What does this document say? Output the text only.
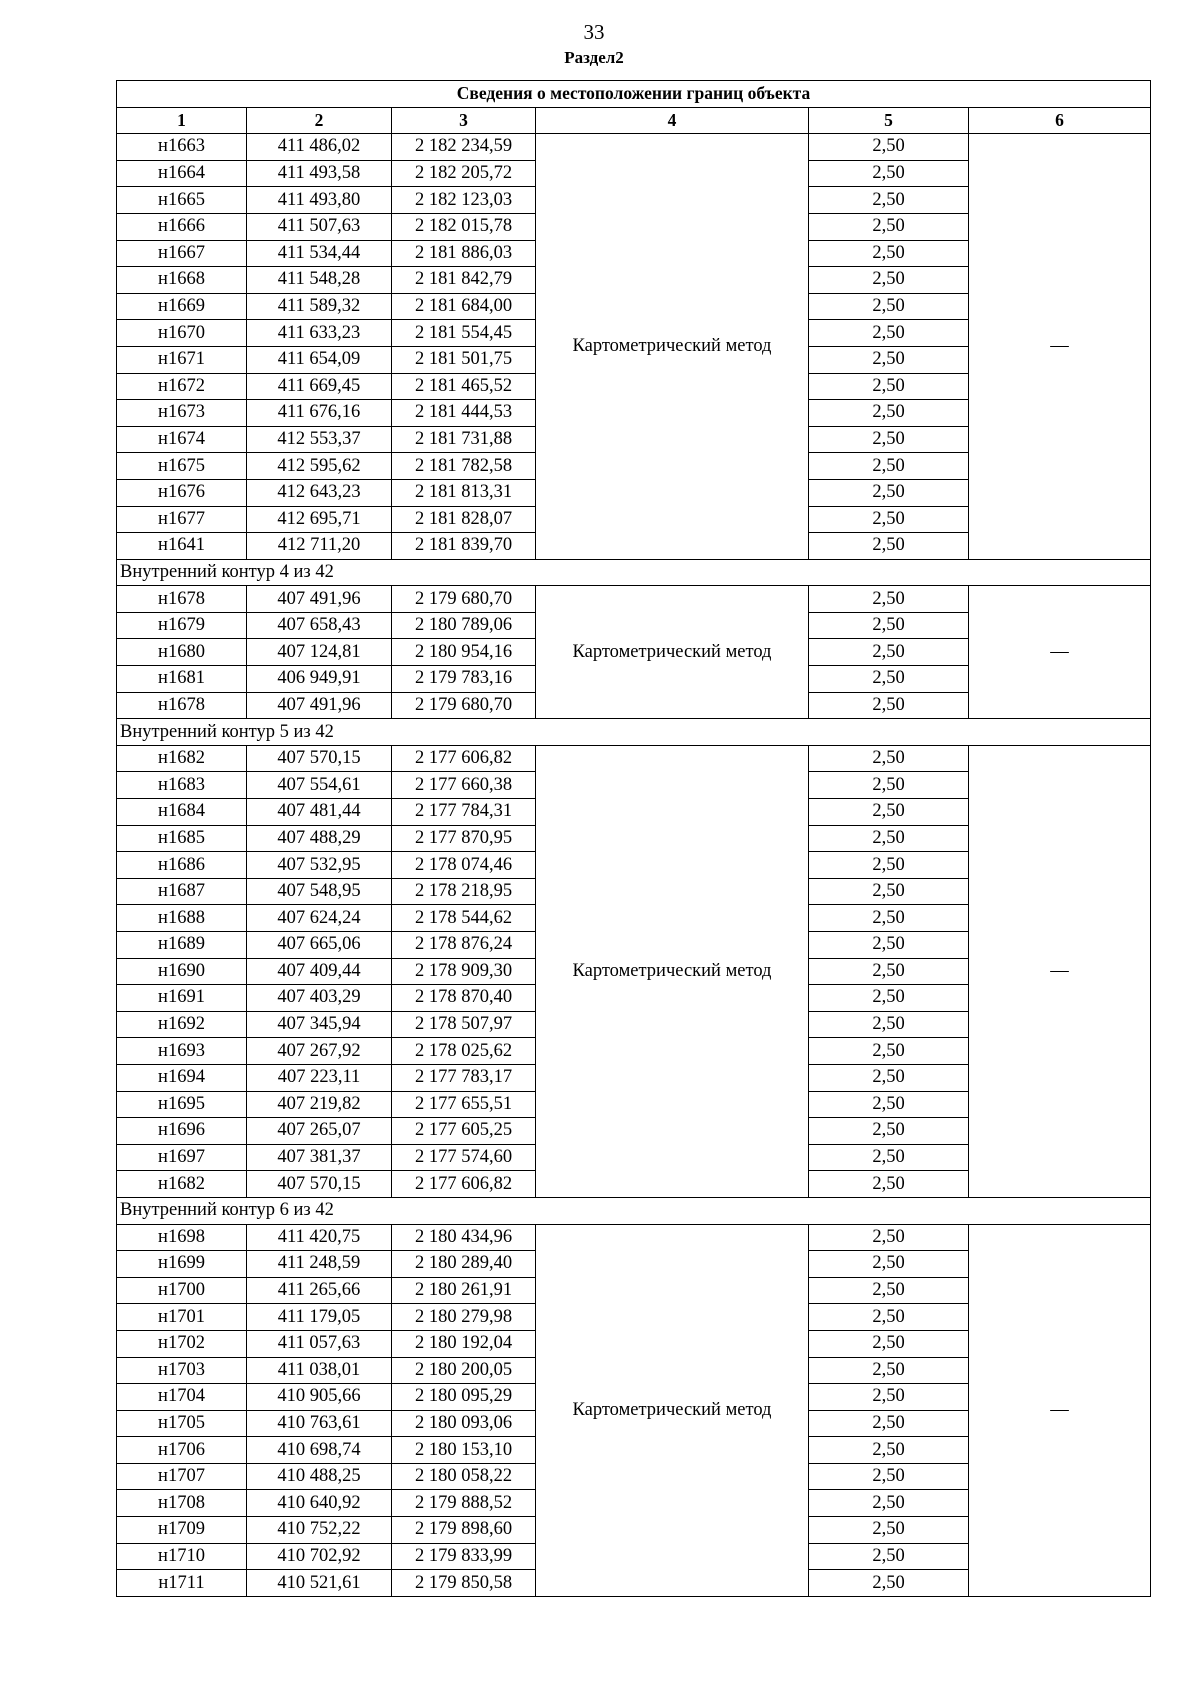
33
Раздел2
Сведения о местоположении границ объекта					
1	2	3	4	5	6
н1663	411 486,02	2 182 234,59	Картометрический метод	2,50	—
н1664	411 493,58	2 182 205,72		2,50	
н1665	411 493,80	2 182 123,03		2,50	
н1666	411 507,63	2 182 015,78		2,50	
н1667	411 534,44	2 181 886,03		2,50	
н1668	411 548,28	2 181 842,79		2,50	
н1669	411 589,32	2 181 684,00		2,50	
н1670	411 633,23	2 181 554,45		2,50	
н1671	411 654,09	2 181 501,75		2,50	
н1672	411 669,45	2 181 465,52		2,50	
н1673	411 676,16	2 181 444,53		2,50	
н1674	412 553,37	2 181 731,88		2,50	
н1675	412 595,62	2 181 782,58		2,50	
н1676	412 643,23	2 181 813,31		2,50	
н1677	412 695,71	2 181 828,07		2,50	
н1641	412 711,20	2 181 839,70		2,50	
Внутренний контур 4 из 42					
н1678	407 491,96	2 179 680,70	Картометрический метод	2,50	—
н1679	407 658,43	2 180 789,06		2,50	
н1680	407 124,81	2 180 954,16		2,50	
н1681	406 949,91	2 179 783,16		2,50	
н1678	407 491,96	2 179 680,70		2,50	
Внутренний контур 5 из 42					
н1682	407 570,15	2 177 606,82	Картометрический метод	2,50	—
н1683	407 554,61	2 177 660,38		2,50	
н1684	407 481,44	2 177 784,31		2,50	
н1685	407 488,29	2 177 870,95		2,50	
н1686	407 532,95	2 178 074,46		2,50	
н1687	407 548,95	2 178 218,95		2,50	
н1688	407 624,24	2 178 544,62		2,50	
н1689	407 665,06	2 178 876,24		2,50	
н1690	407 409,44	2 178 909,30		2,50	
н1691	407 403,29	2 178 870,40		2,50	
н1692	407 345,94	2 178 507,97		2,50	
н1693	407 267,92	2 178 025,62		2,50	
н1694	407 223,11	2 177 783,17		2,50	
н1695	407 219,82	2 177 655,51		2,50	
н1696	407 265,07	2 177 605,25		2,50	
н1697	407 381,37	2 177 574,60		2,50	
н1682	407 570,15	2 177 606,82		2,50	
Внутренний контур 6 из 42					
н1698	411 420,75	2 180 434,96	Картометрический метод	2,50	—
н1699	411 248,59	2 180 289,40		2,50	
н1700	411 265,66	2 180 261,91		2,50	
н1701	411 179,05	2 180 279,98		2,50	
н1702	411 057,63	2 180 192,04		2,50	
н1703	411 038,01	2 180 200,05		2,50	
н1704	410 905,66	2 180 095,29		2,50	
н1705	410 763,61	2 180 093,06		2,50	
н1706	410 698,74	2 180 153,10		2,50	
н1707	410 488,25	2 180 058,22		2,50	
н1708	410 640,92	2 179 888,52		2,50	
н1709	410 752,22	2 179 898,60		2,50	
н1710	410 702,92	2 179 833,99		2,50	
н1711	410 521,61	2 179 850,58		2,50	
